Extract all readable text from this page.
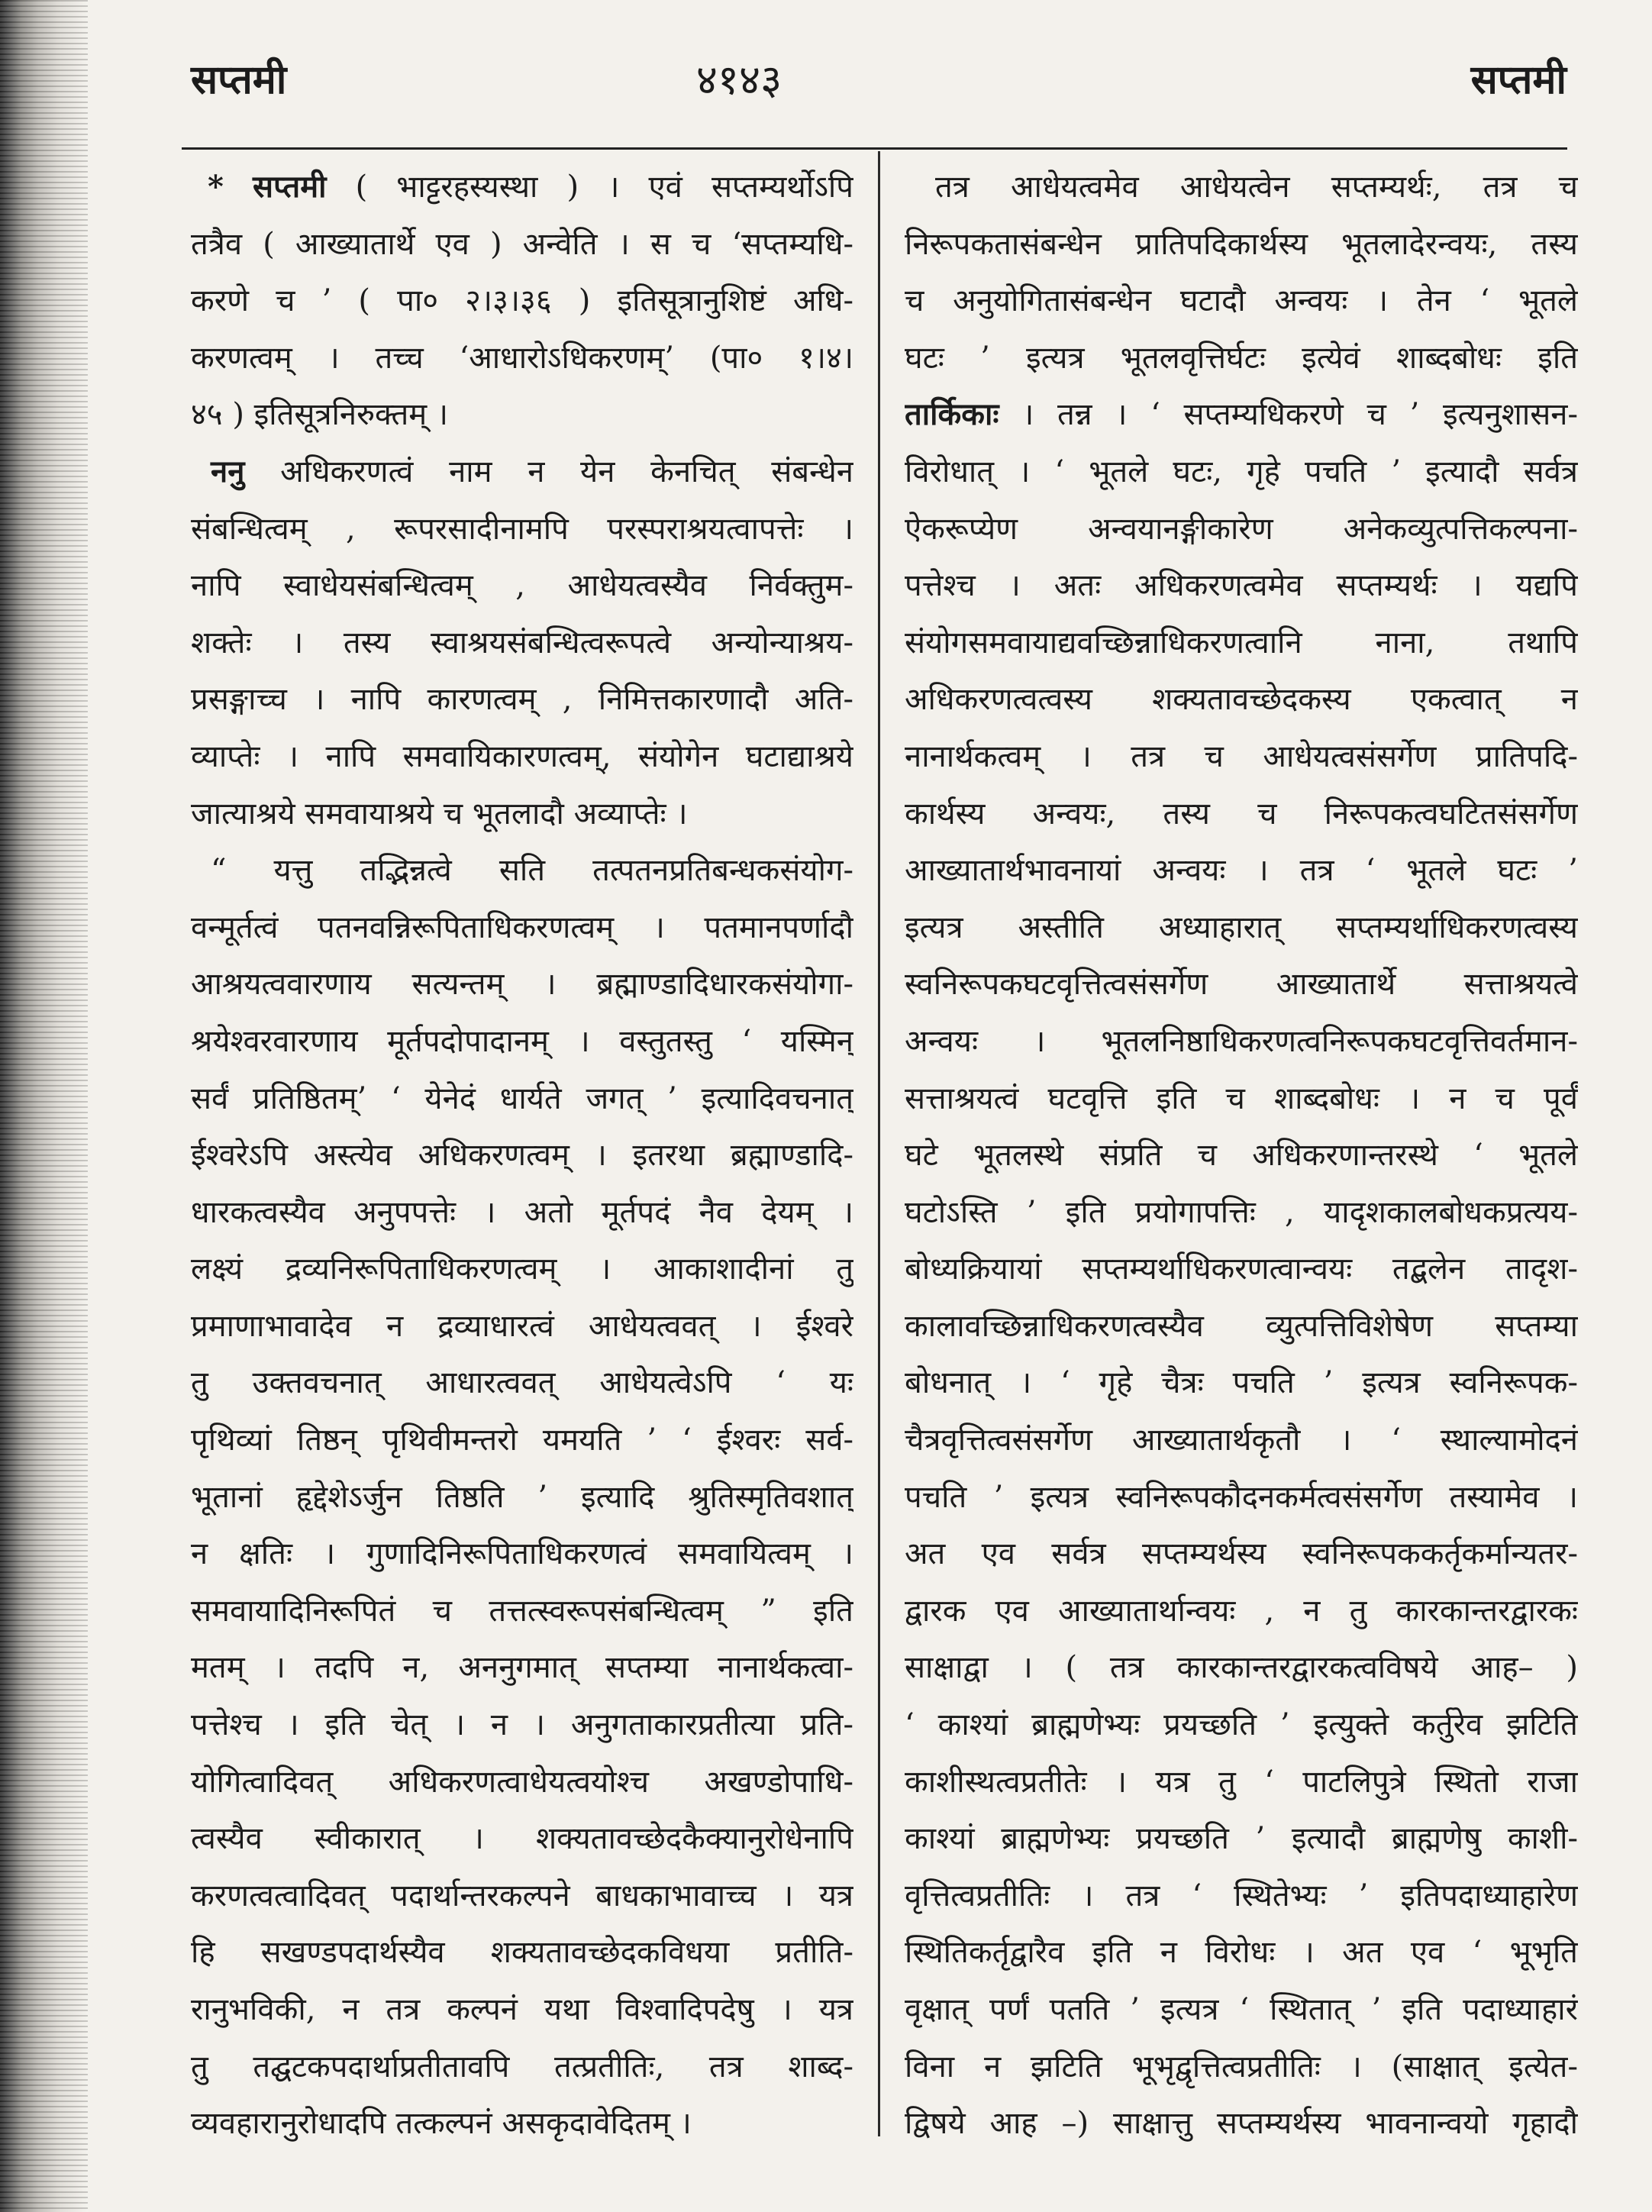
सप्तमी	४१४३	सप्तमी
* सप्तमी ( भाट्टरहस्यस्था ) । एवं सप्तम्यर्थोऽपि
तत्रैव ( आख्यातार्थे एव ) अन्वेति । स च ‘सप्तम्यधि-
करणे च ’ ( पा० २।३।३६ ) इतिसूत्रानुशिष्टं अधि-
करणत्वम् । तच्च ‘आधारोऽधिकरणम्’ (पा० १।४।
४५ ) इतिसूत्रनिरुक्तम् ।
ननु अधिकरणत्वं नाम न येन केनचित् संबन्धेन
संबन्धित्वम् , रूपरसादीनामपि परस्पराश्रयत्वापत्तेः ।
नापि स्वाधेयसंबन्धित्वम् , आधेयत्वस्यैव निर्वक्तुम-
शक्तेः । तस्य स्वाश्रयसंबन्धित्वरूपत्वे अन्योन्याश्रय-
प्रसङ्गाच्च । नापि कारणत्वम् , निमित्तकारणादौ अति-
व्याप्तेः । नापि समवायिकारणत्वम्, संयोगेन घटाद्याश्रये
जात्याश्रये समवायाश्रये च भूतलादौ अव्याप्तेः ।
“ यत्तु तद्भिन्नत्वे सति तत्पतनप्रतिबन्धकसंयोग-
वन्मूर्तत्वं पतनवन्निरूपिताधिकरणत्वम् । पतमानपर्णादौ
आश्रयत्ववारणाय सत्यन्तम् । ब्रह्माण्डादिधारकसंयोगा-
श्रयेश्वरवारणाय मूर्तपदोपादानम् । वस्तुतस्तु ‘ यस्मिन्
सर्वं प्रतिष्ठितम्’ ‘ येनेदं धार्यते जगत् ’ इत्यादिवचनात्
ईश्वरेऽपि अस्त्येव अधिकरणत्वम् । इतरथा ब्रह्माण्डादि-
धारकत्वस्यैव अनुपपत्तेः । अतो मूर्तपदं नैव देयम् ।
लक्ष्यं द्रव्यनिरूपिताधिकरणत्वम् । आकाशादीनां तु
प्रमाणाभावादेव न द्रव्याधारत्वं आधेयत्ववत् । ईश्वरे
तु उक्तवचनात् आधारत्ववत् आधेयत्वेऽपि ‘ यः
पृथिव्यां तिष्ठन् पृथिवीमन्तरो यमयति ’ ‘ ईश्वरः सर्व-
भूतानां हृद्देशेऽर्जुन तिष्ठति ’ इत्यादि श्रुतिस्मृतिवशात्
न क्षतिः । गुणादिनिरूपिताधिकरणत्वं समवायित्वम् ।
समवायादिनिरूपितं च तत्तत्स्वरूपसंबन्धित्वम् ” इति
मतम् । तदपि न, अननुगमात् सप्तम्या नानार्थकत्वा-
पत्तेश्च । इति चेत् । न । अनुगताकारप्रतीत्या प्रति-
योगित्वादिवत् अधिकरणत्वाधेयत्वयोश्च अखण्डोपाधि-
त्वस्यैव स्वीकारात् । शक्यतावच्छेदकैक्यानुरोधेनापि
करणत्वत्वादिवत् पदार्थान्तरकल्पने बाधकाभावाच्च । यत्र
हि सखण्डपदार्थस्यैव शक्यतावच्छेदकविधया प्रतीति-
रानुभविकी, न तत्र कल्पनं यथा विश्वादिपदेषु । यत्र
तु तद्घटकपदार्थाप्रतीतावपि तत्प्रतीतिः, तत्र शाब्द-
व्यवहारानुरोधादपि तत्कल्पनं असकृदावेदितम् ।
तत्र आधेयत्वमेव आधेयत्वेन सप्तम्यर्थः, तत्र च
निरूपकतासंबन्धेन प्रातिपदिकार्थस्य भूतलादेरन्वयः, तस्य
च अनुयोगितासंबन्धेन घटादौ अन्वयः । तेन ‘ भूतले
घटः ’ इत्यत्र भूतलवृत्तिर्घटः इत्येवं शाब्दबोधः इति
तार्किकाः । तन्न । ‘ सप्तम्यधिकरणे च ’ इत्यनुशासन-
विरोधात् । ‘ भूतले घटः, गृहे पचति ’ इत्यादौ सर्वत्र
ऐकरूप्येण अन्वयानङ्गीकारेण अनेकव्युत्पत्तिकल्पना-
पत्तेश्च । अतः अधिकरणत्वमेव सप्तम्यर्थः । यद्यपि
संयोगसमवायाद्यवच्छिन्नाधिकरणत्वानि नाना, तथापि
अधिकरणत्वत्वस्य शक्यतावच्छेदकस्य एकत्वात् न
नानार्थकत्वम् । तत्र च आधेयत्वसंसर्गेण प्रातिपदि-
कार्थस्य अन्वयः, तस्य च निरूपकत्वघटितसंसर्गेण
आख्यातार्थभावनायां अन्वयः । तत्र ‘ भूतले घटः ’
इत्यत्र अस्तीति अध्याहारात् सप्तम्यर्थाधिकरणत्वस्य
स्वनिरूपकघटवृत्तित्वसंसर्गेण आख्यातार्थे सत्ताश्रयत्वे
अन्वयः । भूतलनिष्ठाधिकरणत्वनिरूपकघटवृत्तिवर्तमान-
सत्ताश्रयत्वं घटवृत्ति इति च शाब्दबोधः । न च पूर्वं
घटे भूतलस्थे संप्रति च अधिकरणान्तरस्थे ‘ भूतले
घटोऽस्ति ’ इति प्रयोगापत्तिः , यादृशकालबोधकप्रत्यय-
बोध्यक्रियायां सप्तम्यर्थाधिकरणत्वान्वयः तद्बलेन तादृश-
कालावच्छिन्नाधिकरणत्वस्यैव व्युत्पत्तिविशेषेण सप्तम्या
बोधनात् । ‘ गृहे चैत्रः पचति ’ इत्यत्र स्वनिरूपक-
चैत्रवृत्तित्वसंसर्गेण आख्यातार्थकृतौ । ‘ स्थाल्यामोदनं
पचति ’ इत्यत्र स्वनिरूपकौदनकर्मत्वसंसर्गेण तस्यामेव ।
अत एव सर्वत्र सप्तम्यर्थस्य स्वनिरूपककर्तृकर्मान्यतर-
द्वारक एव आख्यातार्थान्वयः , न तु कारकान्तरद्वारकः
साक्षाद्वा । ( तत्र कारकान्तरद्वारकत्वविषये आह– )
‘ काश्यां ब्राह्मणेभ्यः प्रयच्छति ’ इत्युक्ते कर्तुरेव झटिति
काशीस्थत्वप्रतीतेः । यत्र तु ‘ पाटलिपुत्रे स्थितो राजा
काश्यां ब्राह्मणेभ्यः प्रयच्छति ’ इत्यादौ ब्राह्मणेषु काशी-
वृत्तित्वप्रतीतिः । तत्र ‘ स्थितेभ्यः ’ इतिपदाध्याहारेण
स्थितिकर्तृद्वारैव इति न विरोधः । अत एव ‘ भूभृति
वृक्षात् पर्णं पतति ’ इत्यत्र ‘ स्थितात् ’ इति पदाध्याहारं
विना न झटिति भूभृद्वृत्तित्वप्रतीतिः । (साक्षात् इत्येत-
द्विषये आह –) साक्षात्तु सप्तम्यर्थस्य भावनान्वयो गृहादौ
